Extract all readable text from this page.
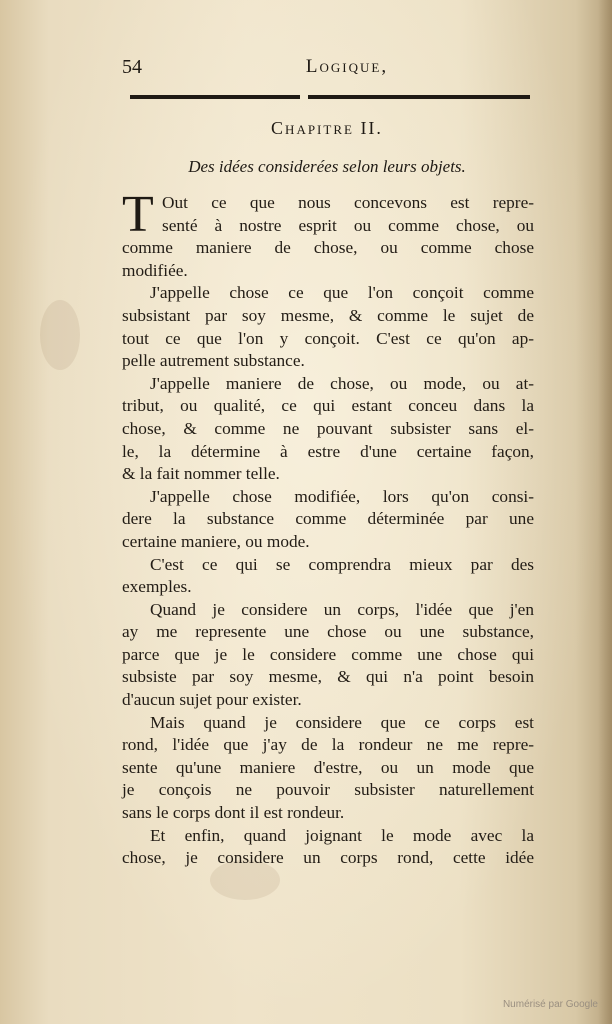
54	Logique,
Chapitre II.
Des idées considerées selon leurs objets.
T Out ce que nous concevons est repre-
senté à nostre esprit ou comme chose, ou
comme maniere de chose, ou comme chose
modifiée.
J'appelle chose ce que l'on conçoit comme
subsistant par soy mesme, & comme le sujet de
tout ce que l'on y conçoit. C'est ce qu'on ap-
pelle autrement substance.
J'appelle maniere de chose, ou mode, ou at-
tribut, ou qualité, ce qui estant conceu dans la
chose, & comme ne pouvant subsister sans el-
le, la détermine à estre d'une certaine façon,
& la fait nommer telle.
J'appelle chose modifiée, lors qu'on consi-
dere la substance comme déterminée par une
certaine maniere, ou mode.
C'est ce qui se comprendra mieux par des
exemples.
Quand je considere un corps, l'idée que j'en
ay me represente une chose ou une substance,
parce que je le considere comme une chose qui
subsiste par soy mesme, & qui n'a point besoin
d'aucun sujet pour exister.
Mais quand je considere que ce corps est
rond, l'idée que j'ay de la rondeur ne me repre-
sente qu'une maniere d'estre, ou un mode que
je conçois ne pouvoir subsister naturellement
sans le corps dont il est rondeur.
Et enfin, quand joignant le mode avec la
chose, je considere un corps rond, cette idée
Numérisé par Google
